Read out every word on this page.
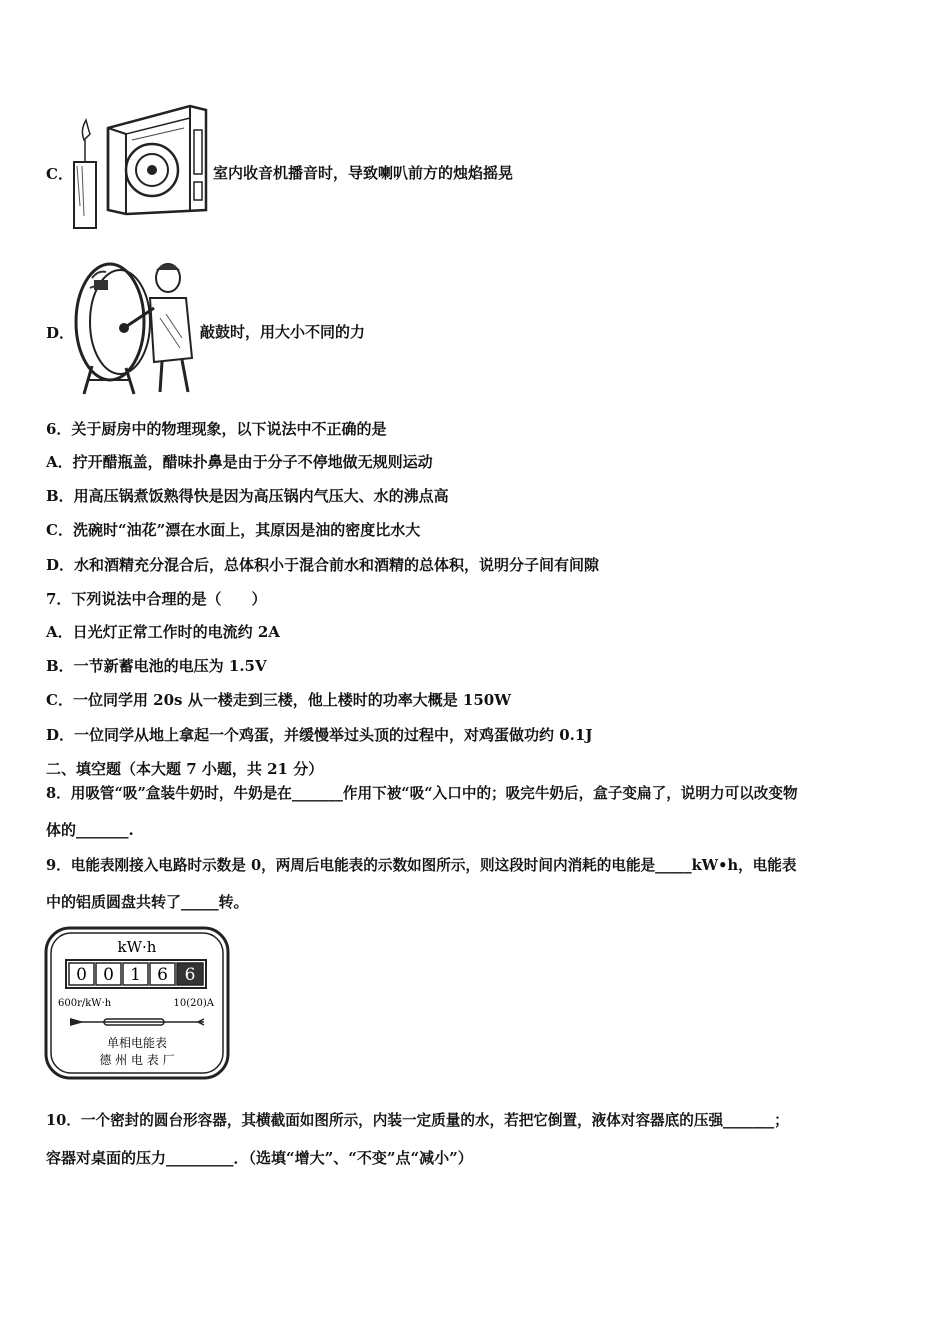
C．	室内收音机播音时，导致喇叭前方的烛焰摇晃
D．	敲鼓时，用大小不同的力
6．关于厨房中的物理现象，以下说法中不正确的是
A．拧开醋瓶盖，醋味扑鼻是由于分子不停地做无规则运动
B．用高压锅煮饭熟得快是因为高压锅内气压大、水的沸点高
C．洗碗时“油花”漂在水面上，其原因是油的密度比水大
D．水和酒精充分混合后，总体积小于混合前水和酒精的总体积，说明分子间有间隙
7．下列说法中合理的是（　　）
A．日光灯正常工作时的电流约 2A
B．一节新蓄电池的电压为 1.5V
C．一位同学用 20s 从一楼走到三楼，他上楼时的功率大概是 150W
D．一位同学从地上拿起一个鸡蛋，并缓慢举过头顶的过程中，对鸡蛋做功约 0.1J
二、填空题（本大题 7 小题，共 21 分）
8．用吸管“吸”盒装牛奶时，牛奶是在_______作用下被“吸“入口中的；吸完牛奶后，盒子变扁了，说明力可以改变物
体的_______.
9．电能表刚接入电路时示数是 0，两周后电能表的示数如图所示，则这段时间内消耗的电能是_____kW•h，电能表
中的铝质圆盘共转了_____转。
kW·h
0 0 1 6 6
600r/kW·h	10(20)A
单相电能表
德 州 电 表 厂
10．一个密封的圆台形容器，其横截面如图所示，内装一定质量的水，若把它倒置，液体对容器底的压强_______；
容器对桌面的压力_________．（选填“增大”、“不变”点“减小”）
